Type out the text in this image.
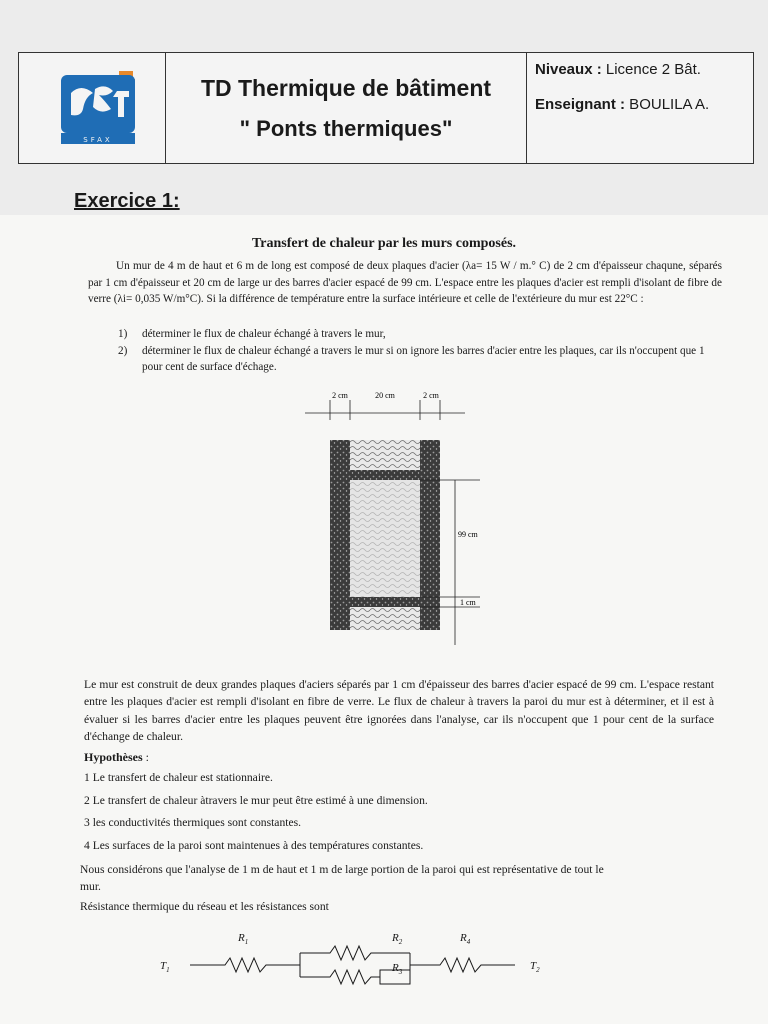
SFAX
TD Thermique de bâtiment
" Ponts thermiques"
Niveaux : Licence 2 Bât.
Enseignant : BOULILA A.
Exercice 1:
Transfert de chaleur par les murs composés.
Un mur de 4 m de haut et 6 m de long est composé de deux plaques d'acier (λa= 15 W / m.° C) de 2 cm d'épaisseur chaqune, séparés par 1 cm d'épaisseur et 20 cm de large ur des barres d'acier espacé de 99 cm. L'espace entre les plaques d'acier est rempli d'isolant de fibre de verre (λi= 0,035 W/m°C). Si la différence de température entre la surface intérieure et celle de l'extérieure du mur est 22°C :
1)	déterminer le flux de chaleur échangé à travers le mur,
2)	déterminer le flux de chaleur échangé a travers le mur si on ignore les barres d'acier entre les plaques, car ils n'occupent que 1 pour cent de surface d'échage.
2 cm	20 cm	2 cm
99 cm
1 cm
Le mur est construit de deux grandes plaques d'aciers séparés par 1 cm d'épaisseur des barres d'acier espacé de 99 cm. L'espace restant entre les plaques d'acier est rempli d'isolant en fibre de verre. Le flux de chaleur à travers la paroi du mur est à déterminer, et il est à évaluer si les barres d'acier entre les plaques peuvent être ignorées dans l'analyse, car ils n'occupent que 1 pour cent de la surface d'échange de chaleur.
Hypothèses :
1 Le transfert de chaleur est stationnaire.
2 Le transfert de chaleur àtravers le mur peut être estimé à une dimension.
3 les conductivités thermiques sont constantes.
4 Les surfaces de la paroi sont maintenues à des températures constantes.
Nous considérons que l'analyse de 1 m de haut et 1 m de large portion de la paroi qui est représentative de tout le mur.
Résistance thermique du réseau et les résistances sont
$T_1$
$R_1$	$R_2$
$R_3$
$R_4$
$T_2$
